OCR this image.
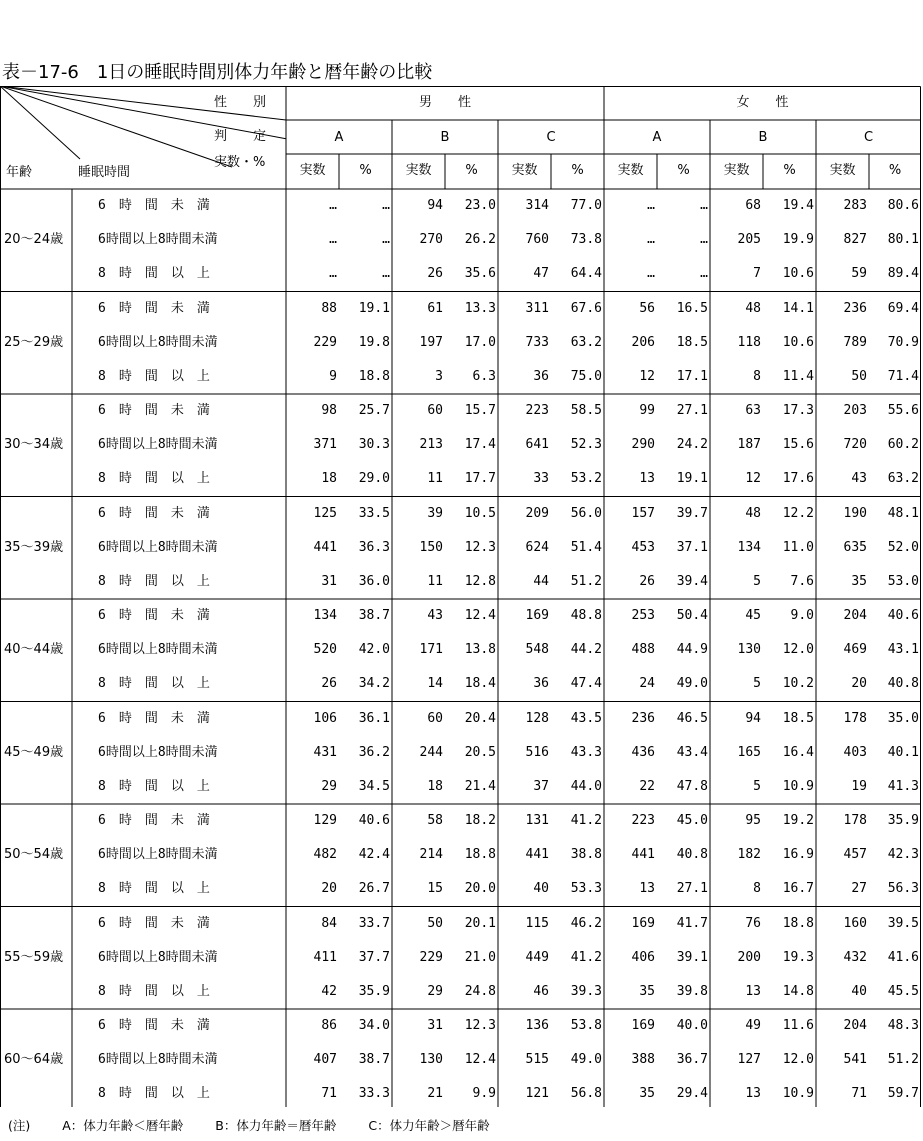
表－17-6　1日の睡眠時間別体力年齢と暦年齢の比較
性　　別
判　　定
実数・%
年齢	睡眠時間
男　　性	女　　性
A	B	C	A	B	C
実数	%	実数	%	実数	%	実数	%	実数	%	実数	%
20～24歳
6　時　間　未　満	…	…	94	23.0	314	77.0	…	…	68	19.4	283	80.6
6時間以上8時間未満	…	…	270	26.2	760	73.8	…	…	205	19.9	827	80.1
8　時　間　以　上	…	…	26	35.6	47	64.4	…	…	7	10.6	59	89.4
25～29歳
6　時　間　未　満	88	19.1	61	13.3	311	67.6	56	16.5	48	14.1	236	69.4
6時間以上8時間未満	229	19.8	197	17.0	733	63.2	206	18.5	118	10.6	789	70.9
8　時　間　以　上	9	18.8	3	6.3	36	75.0	12	17.1	8	11.4	50	71.4
30～34歳
6　時　間　未　満	98	25.7	60	15.7	223	58.5	99	27.1	63	17.3	203	55.6
6時間以上8時間未満	371	30.3	213	17.4	641	52.3	290	24.2	187	15.6	720	60.2
8　時　間　以　上	18	29.0	11	17.7	33	53.2	13	19.1	12	17.6	43	63.2
35～39歳
6　時　間　未　満	125	33.5	39	10.5	209	56.0	157	39.7	48	12.2	190	48.1
6時間以上8時間未満	441	36.3	150	12.3	624	51.4	453	37.1	134	11.0	635	52.0
8　時　間　以　上	31	36.0	11	12.8	44	51.2	26	39.4	5	7.6	35	53.0
40～44歳
6　時　間　未　満	134	38.7	43	12.4	169	48.8	253	50.4	45	9.0	204	40.6
6時間以上8時間未満	520	42.0	171	13.8	548	44.2	488	44.9	130	12.0	469	43.1
8　時　間　以　上	26	34.2	14	18.4	36	47.4	24	49.0	5	10.2	20	40.8
45～49歳
6　時　間　未　満	106	36.1	60	20.4	128	43.5	236	46.5	94	18.5	178	35.0
6時間以上8時間未満	431	36.2	244	20.5	516	43.3	436	43.4	165	16.4	403	40.1
8　時　間　以　上	29	34.5	18	21.4	37	44.0	22	47.8	5	10.9	19	41.3
50～54歳
6　時　間　未　満	129	40.6	58	18.2	131	41.2	223	45.0	95	19.2	178	35.9
6時間以上8時間未満	482	42.4	214	18.8	441	38.8	441	40.8	182	16.9	457	42.3
8　時　間　以　上	20	26.7	15	20.0	40	53.3	13	27.1	8	16.7	27	56.3
55～59歳
6　時　間　未　満	84	33.7	50	20.1	115	46.2	169	41.7	76	18.8	160	39.5
6時間以上8時間未満	411	37.7	229	21.0	449	41.2	406	39.1	200	19.3	432	41.6
8　時　間　以　上	42	35.9	29	24.8	46	39.3	35	39.8	13	14.8	40	45.5
60～64歳
6　時　間　未　満	86	34.0	31	12.3	136	53.8	169	40.0	49	11.6	204	48.3
6時間以上8時間未満	407	38.7	130	12.4	515	49.0	388	36.7	127	12.0	541	51.2
8　時　間　以　上	71	33.3	21	9.9	121	56.8	35	29.4	13	10.9	71	59.7
(注)	A：体力年齢＜暦年齢	B：体力年齢＝暦年齢	C：体力年齢＞暦年齢
